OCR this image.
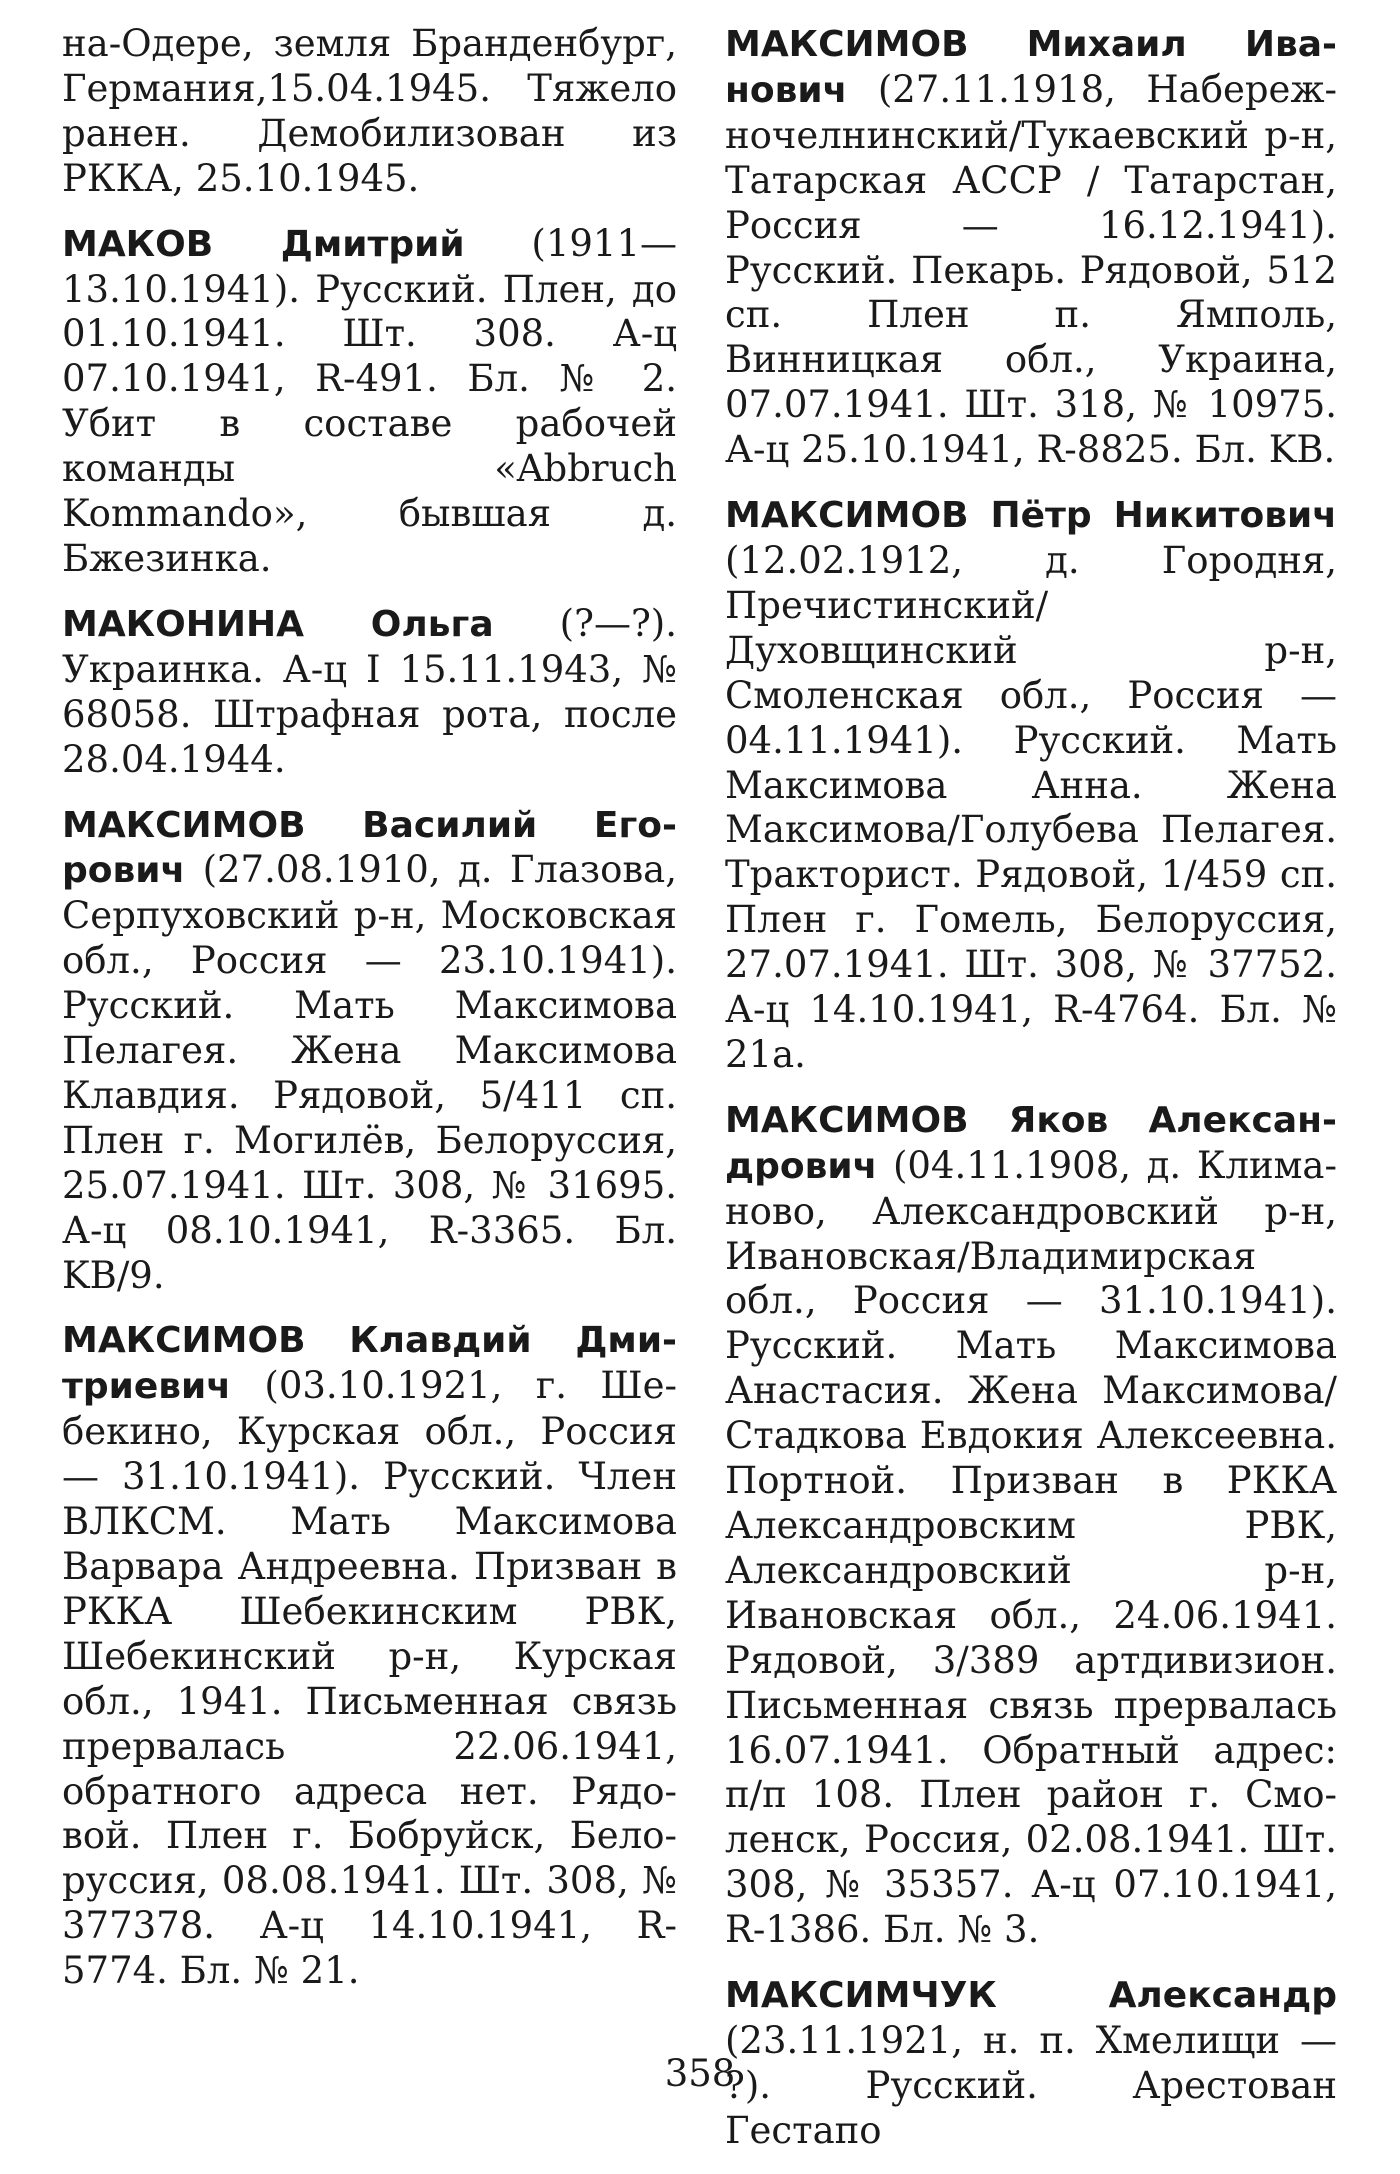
на-Одере, земля Бранденбург, Германия,15.04.1945. Тяжело ранен. Демобилизован из РККА, 25.10.1945.

МАКОВ Дмитрий (1911—13.10.1941). Русский. Плен, до 01.10.1941. Шт. 308. А-ц 07.10.1941, R-491. Бл. № 2. Убит в составе рабочей команды «Abbruch Kommando», бывшая д. Бжезинка.

МАКОНИНА Ольга (?—?). Украинка. А-ц I 15.11.1943, № 68058. Штрафная рота, после 28.04.1944.

МАКСИМОВ Василий Егорович (27.08.1910, д. Глазова, Серпуховский р-н, Московская обл., Россия — 23.10.1941). Русский. Мать Максимова Пелагея. Жена Максимова Клавдия. Рядовой, 5/411 сп. Плен г. Могилёв, Белоруссия, 25.07.1941. Шт. 308, № 31695. А-ц 08.10.1941, R-3365. Бл. KB/9.

МАКСИМОВ Клавдий Дмитриевич (03.10.1921, г. Шебекино, Курская обл., Россия — 31.10.1941). Русский. Член ВЛКСМ. Мать Максимова Варвара Андреевна. Призван в РККА Шебекинским РВК, Шебекинский р-н, Курская обл., 1941. Письменная связь прервалась 22.06.1941, обратного адреса нет. Рядовой. Плен г. Бобруйск, Белоруссия, 08.08.1941. Шт. 308, № 377378. А-ц 14.10.1941, R-5774. Бл. № 21.

МАКСИМОВ Михаил Иванович (27.11.1918, Набережночелнинский/Тукаевский р-н, Татарская АССР / Татарстан, Россия — 16.12.1941). Русский. Пекарь. Рядовой, 512 сп. Плен п. Ямполь, Винницкая обл., Украина, 07.07.1941. Шт. 318, № 10975. А-ц 25.10.1941, R-8825. Бл. KB.

МАКСИМОВ Пётр Никитович (12.02.1912, д. Городня, Пречистинский/Духовщинский р-н, Смоленская обл., Россия — 04.11.1941). Русский. Мать Максимова Анна. Жена Максимова/Голубева Пелагея. Тракторист. Рядовой, 1/459 сп. Плен г. Гомель, Белоруссия, 27.07.1941. Шт. 308, № 37752. А-ц 14.10.1941, R-4764. Бл. № 21а.

МАКСИМОВ Яков Александрович (04.11.1908, д. Климаново, Александровский р-н, Ивановская/Владимирская обл., Россия — 31.10.1941). Русский. Мать Максимова Анастасия. Жена Максимова/Стадкова Евдокия Алексеевна. Портной. Призван в РККА Александровским РВК, Александровский р-н, Ивановская обл., 24.06.1941. Рядовой, 3/389 артдивизион. Письменная связь прервалась 16.07.1941. Обратный адрес: п/п 108. Плен район г. Смоленск, Россия, 02.08.1941. Шт. 308, № 35357. А-ц 07.10.1941, R-1386. Бл. № 3.

МАКСИМЧУК Александр (23.11.1921, н. п. Хмелищи — ?). Русский. Арестован Гестапо

358
